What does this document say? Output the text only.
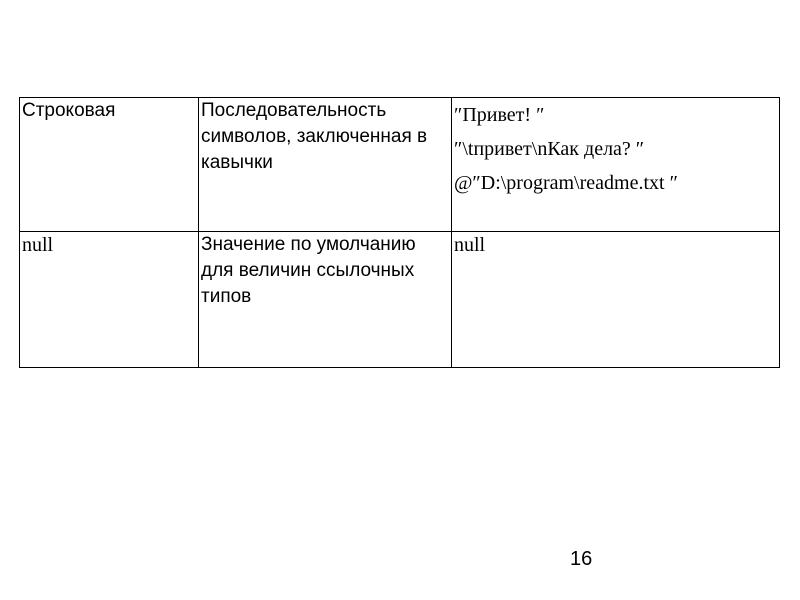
Строковая	Последовательность символов, заключенная в кавычки	″Привет! ″
″\tпривет\nКак дела? ″
@″D:\program\readme.txt ″

null	Значение по умолчанию для величин ссылочных типов	null
16
